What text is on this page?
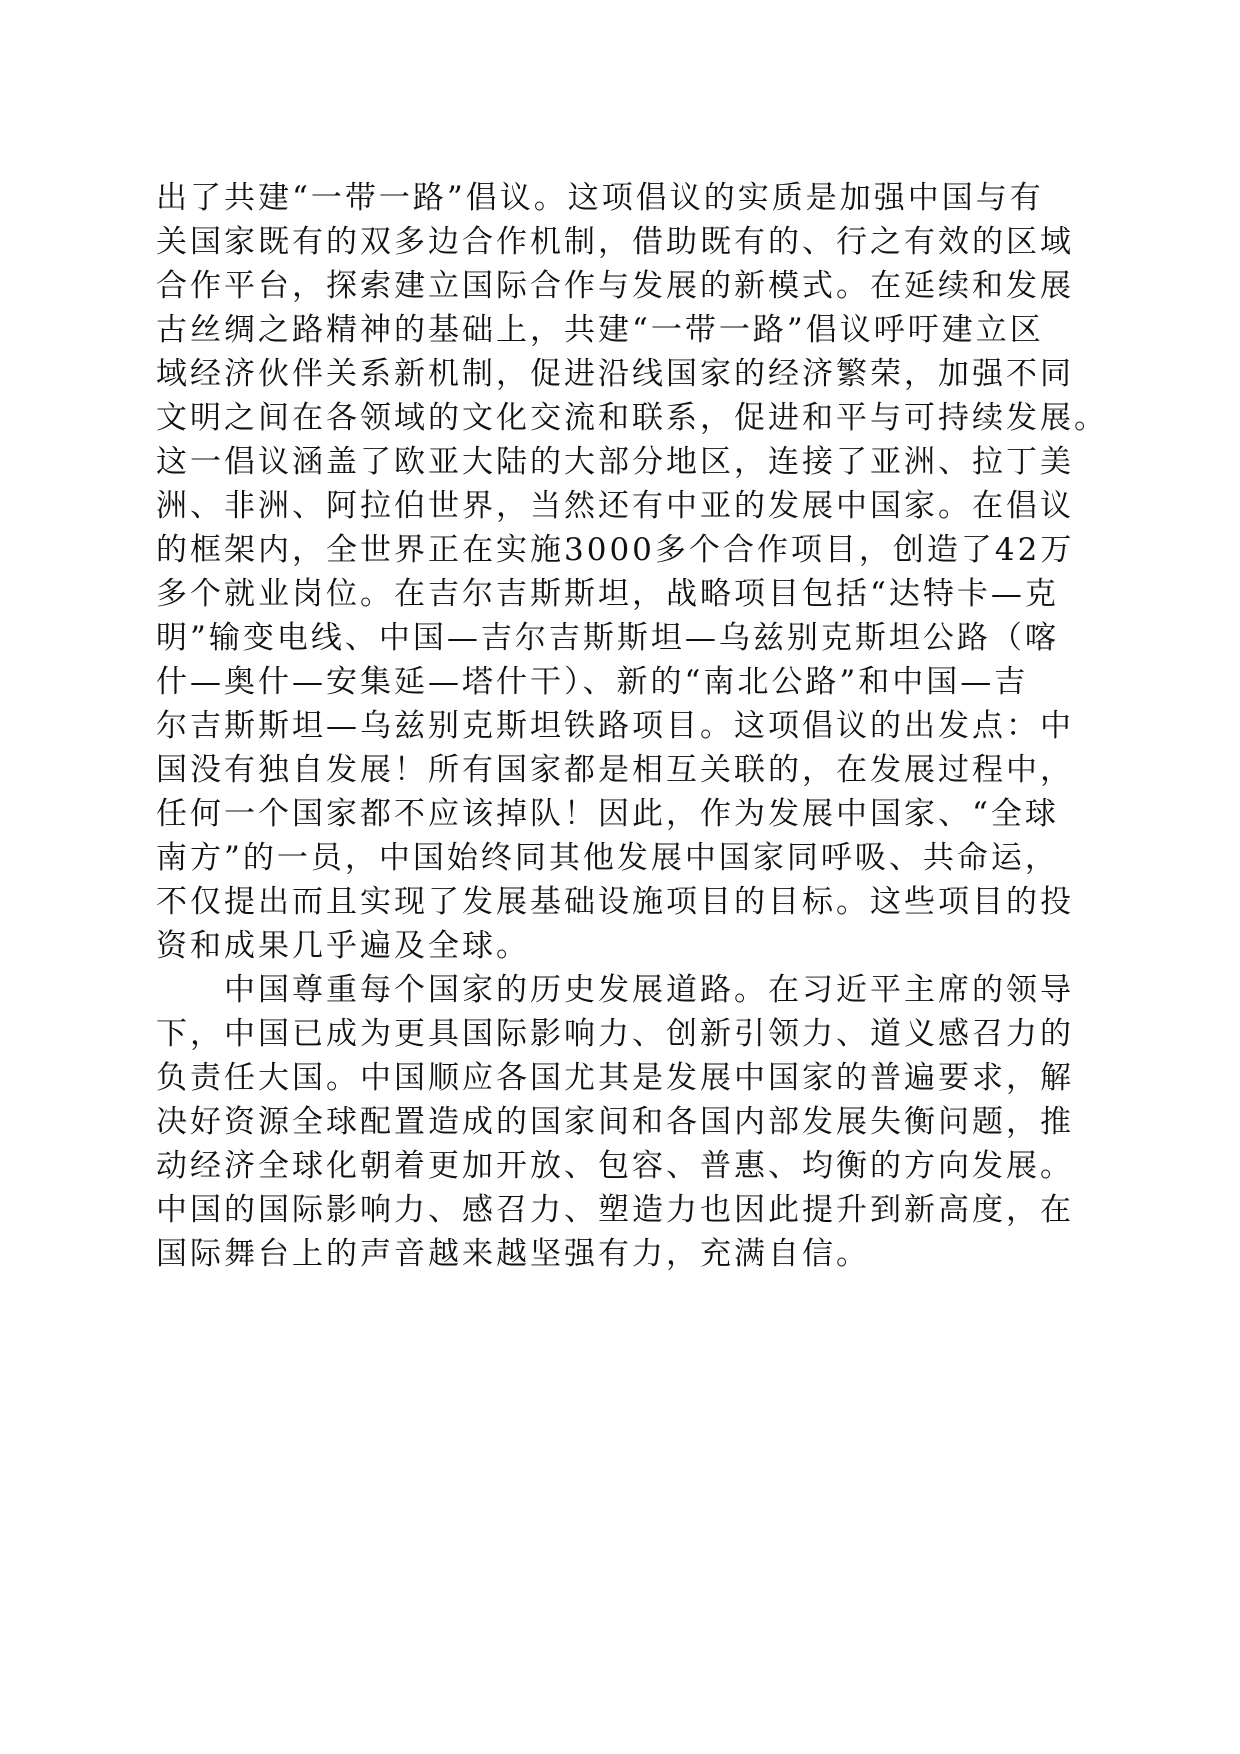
出了共建“一带一路”倡议。这项倡议的实质是加强中国与有
关国家既有的双多边合作机制，借助既有的、行之有效的区域
合作平台，探索建立国际合作与发展的新模式。在延续和发展
古丝绸之路精神的基础上，共建“一带一路”倡议呼吁建立区
域经济伙伴关系新机制，促进沿线国家的经济繁荣，加强不同
文明之间在各领域的文化交流和联系，促进和平与可持续发展。
这一倡议涵盖了欧亚大陆的大部分地区，连接了亚洲、拉丁美
洲、非洲、阿拉伯世界，当然还有中亚的发展中国家。在倡议
的框架内，全世界正在实施3000多个合作项目，创造了42万
多个就业岗位。在吉尔吉斯斯坦，战略项目包括“达特卡—克
明”输变电线、中国—吉尔吉斯斯坦—乌兹别克斯坦公路（喀
什—奥什—安集延—塔什干）、新的“南北公路”和中国—吉
尔吉斯斯坦—乌兹别克斯坦铁路项目。这项倡议的出发点：中
国没有独自发展！所有国家都是相互关联的，在发展过程中，
任何一个国家都不应该掉队！因此，作为发展中国家、“全球
南方”的一员，中国始终同其他发展中国家同呼吸、共命运，
不仅提出而且实现了发展基础设施项目的目标。这些项目的投
资和成果几乎遍及全球。
中国尊重每个国家的历史发展道路。在习近平主席的领导
下，中国已成为更具国际影响力、创新引领力、道义感召力的
负责任大国。中国顺应各国尤其是发展中国家的普遍要求，解
决好资源全球配置造成的国家间和各国内部发展失衡问题，推
动经济全球化朝着更加开放、包容、普惠、均衡的方向发展。
中国的国际影响力、感召力、塑造力也因此提升到新高度，在
国际舞台上的声音越来越坚强有力，充满自信。
